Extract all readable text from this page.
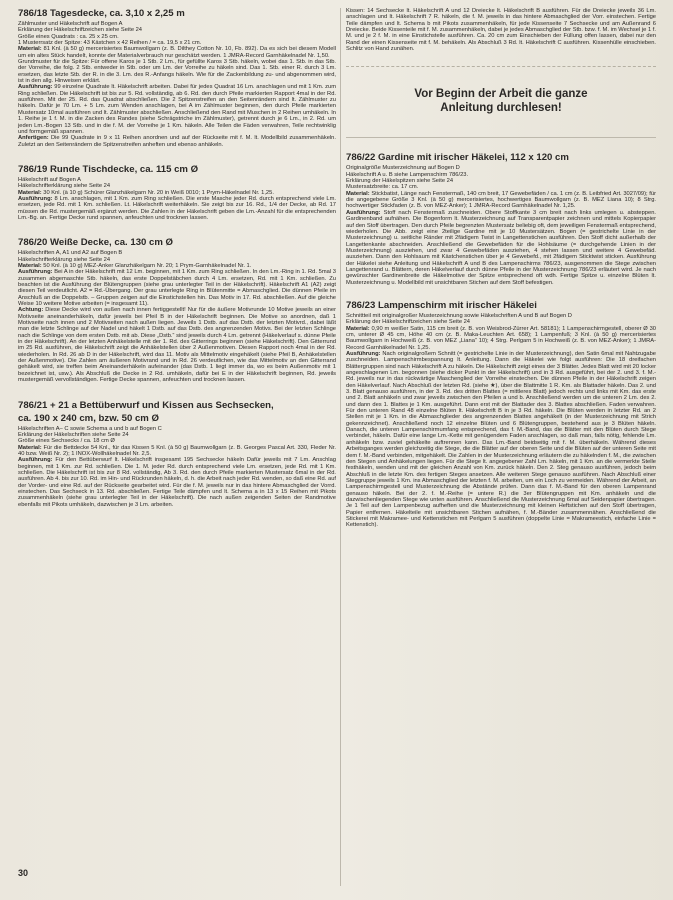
786/18 Tagesdecke, ca. 3,10 x 2,25 m

Zählmuster und Häkelschrift auf Bogen A

Erklärung der Häkelschriftzeichen siehe Seite 24

Größe eines Quadrats : ca. 25 x 25 cm.

1 Musterrsatz der Spitze: 43 Kästchen x 42 Reihen / = ca. 19,5 x 21 cm.

Material: 81 Knl. (à 50 g) mercerisiertes Baumwollgarn (z. B. Dilthey Cotton Nr. 10, Fb. 892). Da es sich bei diesem Modell um ein altes Stück handelt, konnte der Materialverbrauch nur geschätzt werden. 1 JMRA-Record Garnhäkelnadel Nr. 1,50.

Grundmuster für die Spitze: Für offene Karos je 1 Stb. 2 Lm., für gefüllte Karos 3 Stb. häkeln, wobei das 1. Stb. in das Stb. der Vorreihe, die folg. 2 Stb. entweder in Stb. oder um Lm. der Vorreihe zu häkeln sind. Das 1. Stb. einer R. durch 3 Lm. ersetzen, das letzte Stb. der R. in die 3. Lm. des R.-Anfangs häkeln. Wie für die Zackenbildung zu- und abgenommen wird, ist in den allg. Hinweisen erklärt.

Ausführung: 99 einzelne Quadrate lt. Häkelschrift arbeiten. Dabei für jedes Quadrat 16 Lm. anschlagen und mit 1 Km. zum Ring schließen. Die Häkelschrift ist bis zur 5. Rd. vollständig, ab 6. Rd. den durch Pfeile markierten Rapport 4mal in der Rd. ausführen. Mit der 25. Rd. das Quadrat abschließen. Die 2 Spitzenstreifen an den Seitenrändern sind lt. Zählmuster zu häkeln. Dafür je 70 Lm. + 5 Lm. zum Wenden anschlagen, bei A im Zählmuster beginnen, den durch Pfeile markierten Mustersatz 10mal ausführen und lt. Zählmuster abschließen. Anschließend den Rand mit Muschen in 2 Reihen umhäkeln. In 1. Reihe je 1 f. M. in die Zacken des Randes (siehe Schrägstriche im Zählmuster), getrennt durch je 6 Lm., in 2. Rd. um jeden Lm.-Bogen 13 Stb. und in die f. M. der Vorreihe je 1 Km. häkeln. Alle Teilen die Fäden verwahren, Teile rechtwinklig und formgemäß spannen.

Anfertigen: Die 99 Quadrate in 9 x 11 Reihen anordnen und auf der Rückseite mit f. M. lt. Modellbild zusammenhäkeln. Zuletzt an den Seitenrändern die Spitzenstreifen anheften und ebenso anhäkeln.

786/19 Runde Tischdecke, ca. 115 cm Ø

Häkelschrift auf Bogen A

Häkelschrifterklärung siehe Seite 24

Material: 30 Knl. (à 10 g) Schürer Glanzhäkelgarn Nr. 20 in Weiß 0010; 1 Prym-Häkelnadel Nr. 1,25.

Ausführung: 8 Lm. anschlagen, mit 1 Km. zum Ring schließen. Die erste Masche jeder Rd. durch entsprechend viele Lm. ersetzen, jede Rd. mit 1 Km. schließen. Lt. Häkelschrift weiterhäkeln. Sie zeigt bis zur 16. Rd., 1/4 der Decke, ab Rd. 17 müssen die Rd. mustergemäß ergänzt werden. Die Zahlen in der Häkelschrift geben die Lm.-Anzahl für die entsprechenden Lm.-Bg. an. Fertige Decke rund spannen, anfeuchten und trocknen lassen.

786/20 Weiße Decke, ca. 130 cm Ø

Häkelschriften A, A1 und A2 auf Bogen B

Häkelschrifterklärung siehe Seite 24

Material: 50 Knl. (à 10 g) MEZ-Anker Glanzhäkelgarn Nr. 20; 1 Prym-Garnhäkelnadel Nr. 1.

Ausführung: Bei A in der Häkelschrift mit 12 Lm. beginnen, mit 1 Km. zum Ring schließen. In den Lm.-Ring in 1. Rd. 5mal 3 zusammen abgemaschte Stb. häkeln, das erste Doppelstäbchen durch 4 Lm. ersetzen, Rd. mit 1 Km. schließen. Zu beachten ist die Ausführung der Blütengruppen (siehe grau unterlegter Teil in der Häkelschrift). Häkelschrift A1 (A2) zeigt diesen Teil verdeutlicht. A2 = Rd.-Übergang. Der grau unterlegte Ring in Blütenmitte = Abmaschglied. Die dünnen Pfeile im Anschluß an die Doppelstb. – Gruppen zeigen auf die Einstichstellen hin. Das Motiv in 17. Rd. abschließen. Auf die gleiche Weise 10 weitere Motive arbeiten (= insgesamt 11).

Achtung: Diese Decke wird von außen nach innen fertiggestellt! Nur für die äußere Motivrunde 10 Motive jeweils an einer Motivseite aneinanderhäkeln, dafür jeweils bei Pfeil B in der Häkelschrift beginnen. Die Motive so anordnen, daß 1 Motivseite nach innen und 2 Motivseiten nach außen liegen. Jeweils 1 Dstb. auf das Dstb. der letzten Motivrd., dabei läßt man die letzte Schlinge auf der Nadel und häkelt 1 Dstb. auf das Dstb. des angrenzenden Motivs. Bei der letzten Schlinge nach die Schlinge von dem ersten Dstb. mit ab. Diese „Dstb.“ sind jeweils durch 4 Lm. getrennt (Häkelverlauf s. dünne Pfeile in der Häkelschrift). An der letzten Anhäkelstelle mit der 1. Rd. des Gitterrings beginnen (siehe Häkelschrift). Den Gitterrund im 25 Rd. ausführen, die Häkelschrift zeigt die Anhäkelstellen über 2 Außenmotiven. Diesen Rapport noch 4mal in der Rd. wiederholen. In Rd. 26 ab D in der Häkelschrift, wird das 11. Motiv als Mittelmotiv eingehäkelt (siehe Pfeil B, Anhäkelstellen der Außenmotive). Die Zahlen am äußeren Motivrand und in Rd. 26 verdeutlichen, wie das Mittelmotiv an den Gitterrand gehäkelt wird, sie treffen beim Aneinanderhäkeln aufeinander (das Dstb. 1 liegt immer da, wo es beim Außenmotiv mit 1 bezeichnet ist, usw.). Als Abschluß die Decke in 2 Rd. umhäkeln, dafür bei E in der Häkelschrift beginnen, Rd. jeweils mustergemäß vervollständigen. Fertige Decke spannen, anfeuchten und trocknen lassen.

786/21 + 21 a Bettüberwurf und Kissen aus Sechsecken,
ca. 190 x 240 cm, bzw. 50 cm Ø

Häkelschriften A– C sowie Schema a und b auf Bogen C

Erklärung der Häkelschriften siehe Seite 24

Größe eines Sechsecks / ca. 18 cm Ø

Material: Für die Bettdecke 54 Knl., für das Kissen 5 Knl. (à 50 g) Baumwollgarn (z. B. Georges Pascal Art. 330, Fleder Nr. 40 bzw. Weiß Nr. 2); 1 INOX-Wollhäkelnadel Nr. 2,5.

Ausführung: Für den Bettüberwurf lt. Häkelschrift insgesamt 195 Sechsecke häkeln Dafür jeweils mit 7 Lm. Anschlag beginnen, mit 1 Km. zur Rd. schließen. Die 1. M. jeder Rd. durch entsprechend viele Lm. ersetzen, jede Rd. mit 1 Km. schließen. Die Häkelschrift ist bis zur 8 Rd. vollständig, Ab 3. Rd. den durch Pfeile markierten Mustersatz 6mal in der Rd. ausführen. Ab 4. bis zur 10. Rd. im Hin- und Rückrunden häkeln, d. h. die Arbeit nach jeder Rd. wenden, so daß eine Rd. auf der Vorder- und eine Rd. auf der Rückseite gearbeitet wird. Für die f. M. jeweils nur in das hintere Abmaschglied der Vorrd. einstechen. Das Sechseck in 13. Rd. abschließen. Fertige Teile dämpfen und lt. Schema a in 13 x 15 Reihen mit Pikots zusammenhäkeln (siehe grau unterlegter Teil in der Häkelschrift). Die nach außen zeigenden Seiten der Randmotive ebenfalls mit Pikots umhäkeln, dazwischen je 3 Lm. arbeiten.

Kissen: 14 Sechsecke lt. Häkelschrift A und 12 Dreiecke lt. Häkelschrift B ausführen. Für die Dreiecke jeweils 36 Lm. anschlagen und lt. Häkelschrift 7 R. häkeln, die f. M. jeweils in das hintere Abmaschglied der Vorr. einstechen. Fertige Teile dämpfen und lt. Schema b mit Pikots zusammenhäkeln, für jede Kissenseite 7 Sechsecke und am Außenrand 6 Dreiecke. Beide Kissenteile mit f. M. zusammenhäkeln, dabei je jedes Abmaschglied der Stb. bzw. f. M. im Wechsel je 1 f. M. und je 2 f. M. in eine Einstichstelle ausführen. Ca. 20 cm zum Einschieben der Füllung offen lassen, dabei nur den Rand der einen Kissenseite mit f. M. behäkeln. Als Abschluß 3 Rd. lt. Häkelschrift C ausführen. Kissenhülle einschieben. Schlitz von Hand zunähen.

Vor Beginn der Arbeit die ganze
Anleitung durchlesen!
786/22 Gardine mit irischer Häkelei, 112 x 120 cm

Originalgröße Musterzeichnung auf Bogen D

Häkelschrift A u. B siehe Lampenschirm 786/23.

Erklärung der Häkelspitzen siehe Seite 24

Mustersatzbreite: ca. 17 cm.

Material: Stickbatist, Länge nach Fenstermaß, 140 cm breit, 17 Gewebefäden / ca. 1 cm (z. B. Leibfried Art. 3027/09); für die angegebene Größe 3 Knl. (à 50 g) mercerisiertes, hochwertiges Baumwollgarn (z. B. MEZ Liana 10); 8 Strg. hochwertiger Stickfaden (z. B. von MEZ-Anker); 1 JMRA-Record Garnhäkelnadel Nr. 1,25.

Ausführung: Stoff nach Fenstermaß zuschneiden. Obere Stoffkante 3 cm breit nach links umlegen u. absteppen. Gardinenband aufnähen. Die Bogenform lt. Musterzeichnung auf Transparentpapier zeichnen und mittels Kopierpapier auf den Stoff übertragen. Den durch Pfeile begrenzten Mustersatz beliebig oft, dem jeweiligen Fenstermaß entsprechend, wiederholen. Die Abb. zeigt eine 2teilige Gardine mit je 10 Mustersätzen. Bogen (= gestrichelte Linie in der Musterzeichnung) u. seitliche Ränder mit 2fädigem Twist in Langettenstichen ausführen. Den Stoff dicht außerhalb der Langettenkante abschneiden. Anschließend die Gewebefäden für die Hohlsäume (= durchgehende Linien in der Musterzeichnung) ausziehen, und zwar 4 Gewebefäden ausziehen, 4 stehen lassen und weitere 4 Gewebefäd. ausziehen. Dann den Hohlsaum mit Kästchenstichen über je 4 Gewebefd., mit 2fädigem Sticktwist sticken. Ausführung der Häkelei siehe Anleitung und Häkelschrift A und B des Lampenschirms 786/23, ausgenommen die Stege zwischen Langettenrand u. Blättern, deren Häkelverlauf durch dünne Pfeile in der Musterzeichnung 786/23 erläutert wird. Je nach gewünschter Gardinenbreite die Häkelmotive der Spitze entsprechend oft wdh. Fertige Spitze u. einzelne Blüten lt. Musterzeichnung u. Modellbild mit unsichtbaren Stichen auf dem Stoff befestigen.

786/23 Lampenschirm mit irischer Häkelei

Schnittteil mit originalgroßer Musterzeichnung sowie Häkelschriften A und B auf Bogen D

Erklärung der Häkelschriftzeichen siehe Seite 24

Material: 0,90 m weißer Satin, 115 cm breit (z. B. von Weisbrod-Zürrer Art. 58181); 1 Lampenschirmgestell, oberer Ø 30 cm, unterer Ø 45 cm, Höhe 40 cm (z. B. Maka-Leuchten Art. 658); 1 Lampenfuß; 3 Knl. (à 50 g) mercerisiertes Baumwollgarn in Hochweiß (z. B. von MEZ „Liana“ 10); 4 Strg. Perlgarn 5 in Hochweiß (z. B. von MEZ-Anker); 1 JMRA-Record Garnhäkelnadel Nr. 1,25.

Ausführung: Nach originalgroßem Schnitt (= gestrichelte Linie in der Musterzeichnung), den Satin 6mal mit Nahtzugabe zuschneiden. Lampenschirmbespannung lt. Anleitung. Dann die Häkelei wie folgt ausführen: Die 18 dreifachen Blättergruppen sind nach Häkelschrift A zu häkeln. Die Häkelschrift zeigt eines der 3 Blätter. Jedes Blatt wird mit 20 locker angeschlagenen Lm. begonnen (siehe dicker Punkt in der Häkelschrift) und in 3 Rd. ausgeführt, bei der 2. und 3. f. M.-Rd. jeweils nur in das rückwärtige Maschenglied der Vorreihe einstechen. Die dünnen Pfeile in der Häkelschrift zeigen den Häkelverlauf. Nach Abschluß der letzten Rd. (siehe ★), über die Blattmitte 1 R. Km. als Blattader häkeln. Das 2. und 3. Blatt genauso ausführen, in der 3. Rd. des dritten Blattes (= mittleres Blatt) jedoch rechts und links mit Km. das erste und 2. Blatt anhäkeln und zwar jeweils zwischen den Pfeilen a und b. Anschließend werden um die unteren 2 Lm. des 2. und dann des 1. Blattes je 1 Km. ausgeführt. Dann erst mit der Blattader des 3. Blattes abschließen. Faden verwahren. Für den unteren Rand 48 einzelne Blüten lt. Häkelschrift B in je 3 Rd. häkeln. Die Blüten werden in letzter Rd. an 2 Stellen mit je 1 Km. in die Abmaschglieder des angrenzenden Blattes angehäkelt (in der Musterzeichnung mit Strich gekennzeichnet). Anschließend noch 12 einzelne Blüten und 6 Blütengruppen, bestehend aus je 3 Blüten häkeln. Danach, die unteren Lampenschirmumfang entsprechend, das f. M.-Band, das die Blätter mit den Blüten durch Stege verbindet, häkeln. Dafür eine lange Lm.-Kette mit genügendem Faden anschlagen, so daß man, falls nötig, fehlende Lm. anhäkeln bzw. zuviel gehäkelte auftrennen kann. Das Lm.-Band beidseitig mit f. M. überhäkeln. Während dieses Arbeitsganges werden gleichzeitig die Stege, die die Blätter auf der oberen Seite und die Blüten auf der unteren Seite mit dem f. M.-Band verbinden, mitgehäkelt. Die Zahlen in der Musterzeichnung erläutern die zu häkelnden f. M., die zwischen den Stegen und Anhäkelungen liegen. Für die Stege lt. angegebener Zahl Lm. häkeln, mit 1 Km. an die vermerkte Stelle festhäkeln, wenden und mit der gleichen Anzahl von Km. zurück häkeln. Den 2. Steg genauso ausführen, jedoch beim Abschluß in die letzte Km. des fertigen Steges ansetzen. Alle weiteren Stege genauso ausführen. Nach Abschluß einer Steggruppe jeweils 1 Km. ins Abmaschglied der letzten f. M. arbeiten, um ein Loch zu vermeiden. Während der Arbeit, an Lampenschirmgestell und Musterzeichnung die Abstände prüfen. Dann das f. M.-Band für den oberen Lampenrand genauso häkeln. Bei der 2. f. M.-Reihe (= untere R.) die 3er Blütengruppen mit Km. anhäkeln und die dazwischenliegenden Stege wie unten ausführen. Anschließend die Musterzeichnung 6mal auf Seidenpapier übertragen. Je 1 Teil auf den Lampenbezug aufheften und die Musterzeichnung mit kleinen Heftstichen auf den Stoff übertragen, Papier entfernen. Häkelteile mit unsichtbaren Stichen aufnähen, f. M.-Bänder zusammennähen. Anschließend die Stickerei mit Makramee- und Kettenstichen mit Perlgarn 5 ausführen (doppelte Linie = Makrameestich, einfache Linie = Kettenstich).

30
